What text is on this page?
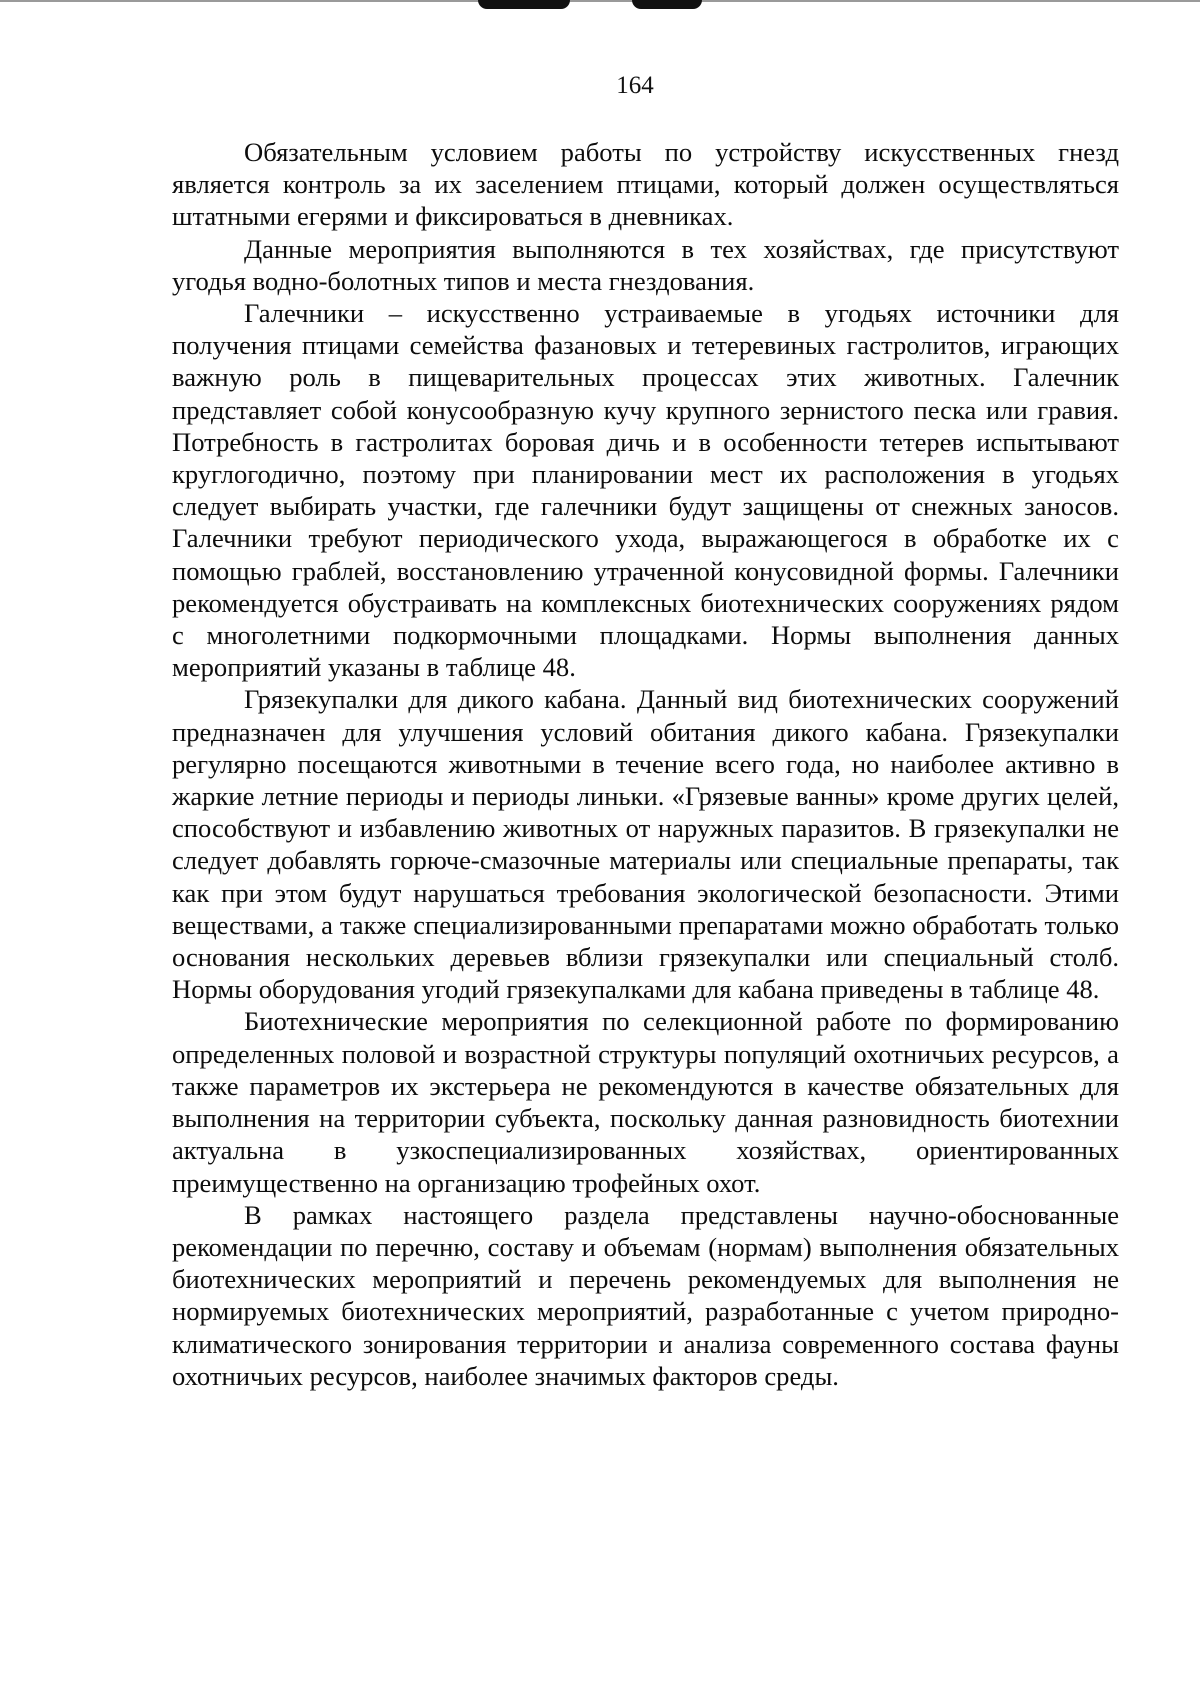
164

Обязательным условием работы по устройству искусственных гнезд является контроль за их заселением птицами, который должен осуществляться штатными егерями и фиксироваться в дневниках.

Данные мероприятия выполняются в тех хозяйствах, где присутствуют угодья водно-болотных типов и места гнездования.

Галечники – искусственно устраиваемые в угодьях источники для получения птицами семейства фазановых и тетеревиных гастролитов, играющих важную роль в пищеварительных процессах этих животных. Галечник представляет собой конусообразную кучу крупного зернистого песка или гравия. Потребность в гастролитах боровая дичь и в особенности тетерев испытывают круглогодично, поэтому при планировании мест их расположения в угодьях следует выбирать участки, где галечники будут защищены от снежных заносов. Галечники требуют периодического ухода, выражающегося в обработке их с помощью граблей, восстановлению утраченной конусовидной формы. Галечники рекомендуется обустраивать на комплексных биотехнических сооружениях рядом с многолетними подкормочными площадками. Нормы выполнения данных мероприятий указаны в таблице 48.

Грязекупалки для дикого кабана. Данный вид биотехнических сооружений предназначен для улучшения условий обитания дикого кабана. Грязекупалки регулярно посещаются животными в течение всего года, но наиболее активно в жаркие летние периоды и периоды линьки. «Грязевые ванны» кроме других целей, способствуют и избавлению животных от наружных паразитов. В грязекупалки не следует добавлять горюче-смазочные материалы или специальные препараты, так как при этом будут нарушаться требования экологической безопасности. Этими веществами, а также специализированными препаратами можно обработать только основания нескольких деревьев вблизи грязекупалки или специальный столб. Нормы оборудования угодий грязекупалками для кабана приведены в таблице 48.

Биотехнические мероприятия по селекционной работе по формированию определенных половой и возрастной структуры популяций охотничьих ресурсов, а также параметров их экстерьера не рекомендуются в качестве обязательных для выполнения на территории субъекта, поскольку данная разновидность биотехнии актуальна в узкоспециализированных хозяйствах, ориентированных преимущественно на организацию трофейных охот.

В рамках настоящего раздела представлены научно-обоснованные рекомендации по перечню, составу и объемам (нормам) выполнения обязательных биотехнических мероприятий и перечень рекомендуемых для выполнения не нормируемых биотехнических мероприятий, разработанные с учетом природно-климатического зонирования территории и анализа современного состава фауны охотничьих ресурсов, наиболее значимых факторов среды.
